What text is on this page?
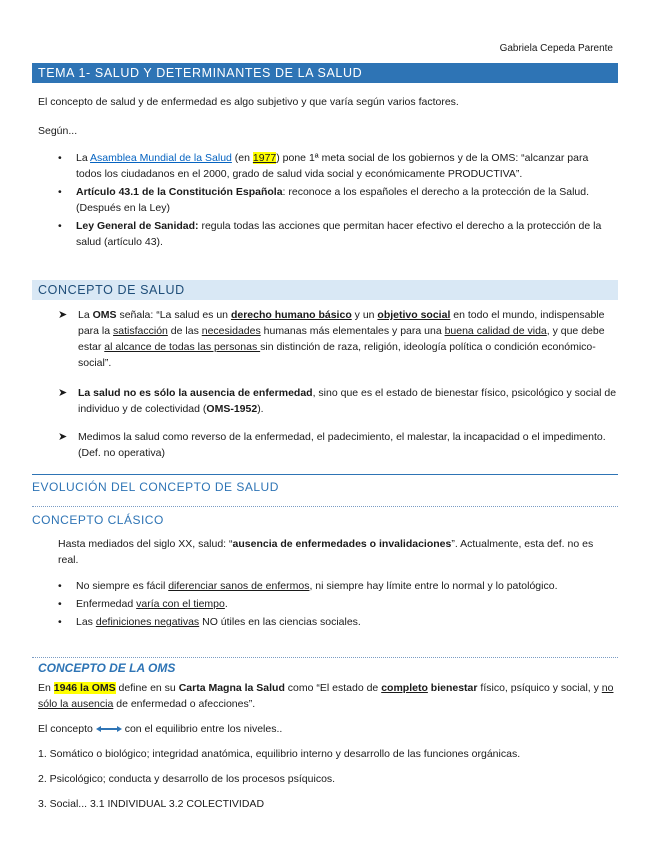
Gabriela Cepeda Parente
TEMA 1- SALUD Y DETERMINANTES DE LA SALUD
El concepto de salud y de enfermedad es algo subjetivo y que varía según varios factores.
Según...
• La Asamblea Mundial de la Salud (en 1977) pone 1ª meta social de los gobiernos y de la OMS: “alcanzar para todos los ciudadanos en el 2000, grado de salud vida social y económicamente PRODUCTIVA”.
• Artículo 43.1 de la Constitución Española: reconoce a los españoles el derecho a la protección de la Salud. (Después en la Ley)
• Ley General de Sanidad: regula todas las acciones que permitan hacer efectivo el derecho a la protección de la salud (artículo 43).
CONCEPTO DE SALUD
➤ La OMS señala: “La salud es un derecho humano básico y un objetivo social en todo el mundo, indispensable para la satisfacción de las necesidades humanas más elementales y para una buena calidad de vida, y que debe estar al alcance de todas las personas sin distinción de raza, religión, ideología política o condición económico-social”.
➤ La salud no es sólo la ausencia de enfermedad, sino que es el estado de bienestar físico, psicológico y social de individuo y de colectividad (OMS-1952).
➤ Medimos la salud como reverso de la enfermedad, el padecimiento, el malestar, la incapacidad o el impedimento. (Def. no operativa)
EVOLUCIÓN DEL CONCEPTO DE SALUD
CONCEPTO CLÁSICO
Hasta mediados del siglo XX, salud: “ausencia de enfermedades o invalidaciones”. Actualmente, esta def. no es real.
• No siempre es fácil diferenciar sanos de enfermos, ni siempre hay límite entre lo normal y lo patológico.
• Enfermedad varía con el tiempo.
• Las definiciones negativas NO útiles en las ciencias sociales.
CONCEPTO DE LA OMS
En 1946 la OMS define en su Carta Magna la Salud como “El estado de completo bienestar físico, psíquico y social, y no sólo la ausencia de enfermedad o afecciones”.
El concepto  con el equilibrio entre los niveles..
1. Somático o biológico; integridad anatómica, equilibrio interno y desarrollo de las funciones orgánicas.
2. Psicológico; conducta y desarrollo de los procesos psíquicos.
3. Social... 3.1 INDIVIDUAL 3.2 COLECTIVIDAD
